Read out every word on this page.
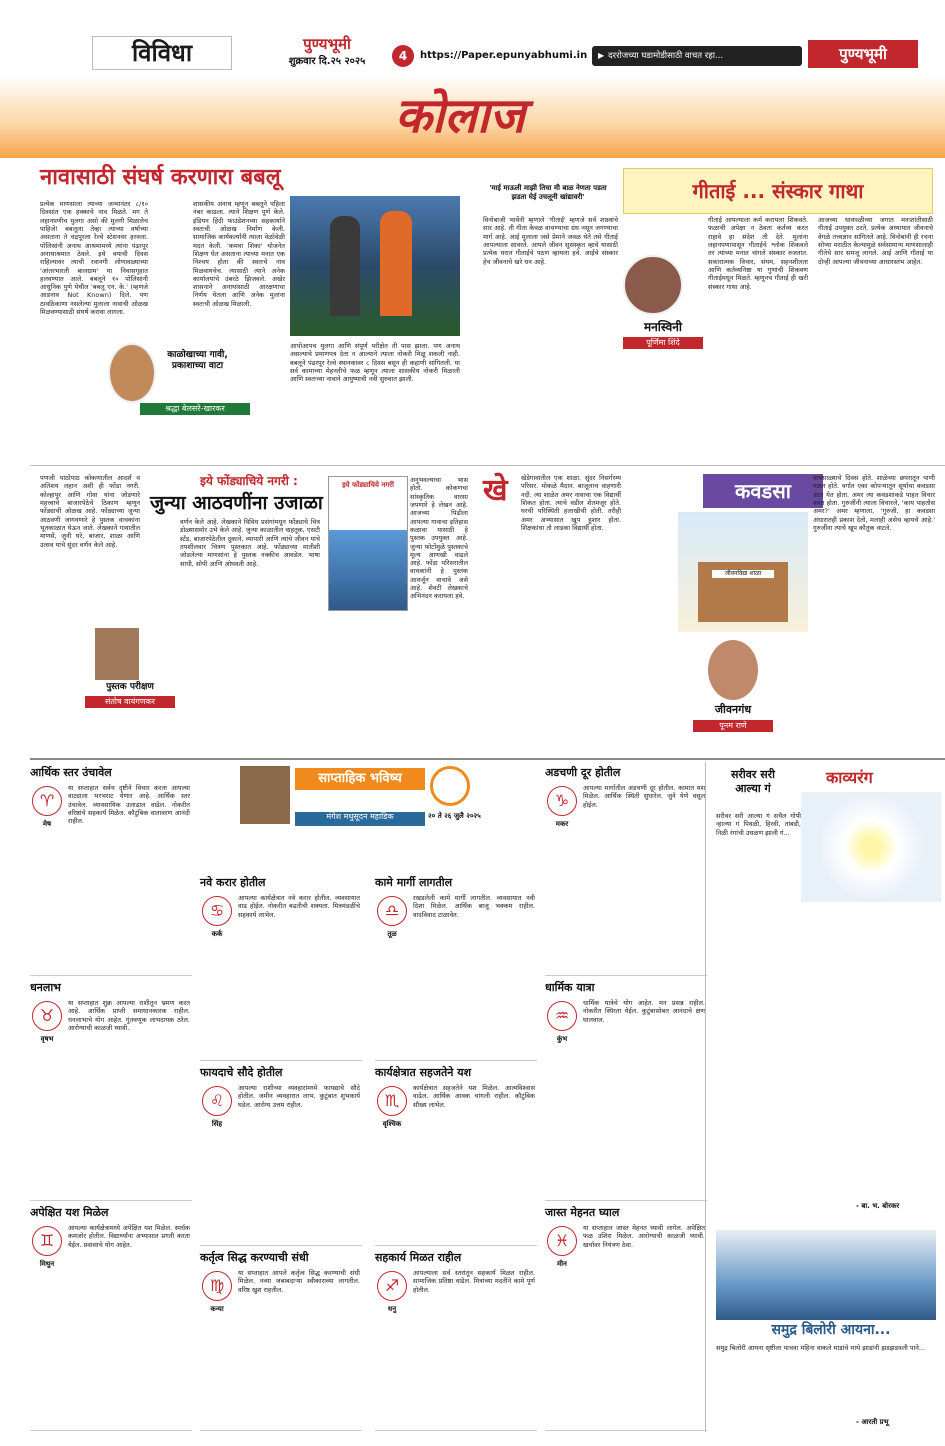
विविधा	पुण्यभूमी
शुक्रवार दि.२५ २०२५	4	https://Paper.epunyabhumi.in ▶ दररोजच्या घडामोडीसाठी वाचत रहा...	पुण्यभूमी
कोलाज
नावासाठी संघर्ष करणारा बबलू
प्रत्येक माणसाला त्याच्या जन्मानंतर ८/१० दिवसांत एक हक्काचे नाव मिळते. मग ते लहानपणीच मुलगा असो की मुलगी मिळालेच पाहिजे! बबलूला तेव्हा त्याच्या वर्षाच्या असताना ते चंद्रपूरला रेल्वे स्टेशनवर हरवला. पोलिसांनी अनाथ आश्रमामध्ये त्यांना पंढरपूर अनाथाश्रमात ठेवले. इथे वयाची दिवस राहिल्यावर त्याची रवानगी लोणावळ्याच्या 'आंतरभारती बालग्राम' या निवासगृहात हलवण्यात आले. बबलूने १० पोलिसांनी आधुनिक पुणे येथील 'बबलू एन. के.' (म्हणजे आडनाव Not Known) दिले. पण ठावठिकाणा नसलेल्या मुलाला नावाची ओळख मिळवण्यासाठी संघर्ष करावा लागला.
काळोखाच्या गावी, प्रकाशाच्या वाटा
श्रद्धा बेलसरे-खारकर
शासकीय अनाथ म्हणून बबलूने पहिला नंबर काढला. त्याने शिक्षण पूर्ण केले. इंडियन हिंदी फाउंडेशनच्या सहकार्याने स्वतःची ओळख निर्माण केली. सामाजिक कार्यकर्त्यांनी त्याला वेळोवेळी मदत केली. 'कमवा शिका' योजनेत शिक्षण घेत असताना त्याच्या मनात एक निश्चय होता की स्वतःचे नाव मिळवायचेच. त्यासाठी त्याने अनेक कार्यालयांचे उंबरठे झिजवले. अखेर शासनाने अनाथांसाठी आरक्षणाचा निर्णय घेतला आणि अनेक मुलांना स्वतःची ओळख मिळाली.
आपोआपच मुलगा आणि संपूर्ण परीक्षेत ती पास झाला. पण अनाथ असल्याचे प्रमाणपत्र देता न आल्याने त्याला नोकरी मिळू शकली नाही. बबलूने पंढरपूर रेल्वे स्थानकावर ८ दिवस बसून ही कहाणी सांगितली. या सर्व कामाच्या मेहनतीचे फळ म्हणून त्याला शासकीय नोकरी मिळाली आणि स्वतःच्या नावाने आयुष्याची नवी सुरुवात झाली.
'माई माऊली माझी तिचा मी बाळ नेणता पडता झडता घेई उचलूनी खांद्यावरी'	गीताई ... संस्कार गाथा
विनोबाजी भावेंनी म्हणाले 'गीताई' म्हणजे सर्व शास्त्रांचे सार आहे. ती गीता केवळ वाचण्याचा ग्रंथ नसून जगण्याचा मार्ग आहे. आई मुलाला जसे प्रेमाने जवळ घेते तसे गीताई आपल्याला सावरते. आपले जीवन सुसंस्कृत व्हावे यासाठी प्रत्येक घरात गीताईचे पठण व्हायला हवे. आईचे संस्कार हेच जीवनाचे खरे धन आहे.
मनस्विनी
पूर्णिमा शिंदे
गीताई आपल्याला कर्म करायला शिकवते. फळाची अपेक्षा न ठेवता कर्तव्य करत राहावे हा संदेश ती देते. मुलांना लहानपणापासून गीताईचे श्लोक शिकवले तर त्यांच्या मनात चांगले संस्कार रुजतात. सकारात्मक विचार, संयम, सहनशीलता आणि कर्तव्यनिष्ठा या गुणांची शिकवण गीताईमधून मिळते. म्हणूनच गीताई ही खरी संस्कार गाथा आहे.
आजच्या धावपळीच्या जगात मनःशांतीसाठी गीताई उपयुक्त ठरते. प्रत्येक अध्यायात जीवनाचे वेगळे तत्त्वज्ञान सांगितले आहे. विनोबांनी ही रचना सोप्या मराठीत केल्यामुळे सर्वसामान्य माणसालाही गीतेचे सार समजू लागले. आई आणि गीताई या दोन्ही आपल्या जीवनाच्या आधारस्तंभ आहेत.
इये फोंड्याचिये नगरी :
जुन्या आठवणींना उजाळा
पणजी पाठोपाठ कोकणातील आदर्श व अतिशय लहान अशी ही फोंडा नगरी. कोल्हापूर आणि गोवा यांना जोडणारे महत्त्वाचे बाजारपेठेचे ठिकाण म्हणून फोंड्याची ओळख आहे. फोंड्याच्या जुन्या आठवणी जागवणारे हे पुस्तक वाचकांना भूतकाळात घेऊन जाते. लेखकाने गावातील माणसे, जुनी घरे, बाजार, शाळा आणि उत्सव यांचे सुंदर वर्णन केले आहे.
पुस्तक परीक्षण
संतोष वायंगणकर
वर्णन केले आहे. लेखकाने विविध प्रसंगांमधून फोंड्याचे चित्र डोळ्यासमोर उभे केले आहे. जुन्या काळातील वाहतूक, एसटी स्टँड, बाजारपेठेतील दुकाने, व्यापारी आणि त्यांचे जीवन यांचे तपशीलवार चित्रण पुस्तकात आहे. फोंड्याच्या मातीशी जोडलेल्या माणसांना हे पुस्तक नक्कीच आवडेल. भाषा साधी, सोपी आणि ओघवती आहे.
इये फोंड्याचिये नगरी
अनुभवल्याचा भास होतो. कोकणचा सांस्कृतिक वारसा जपणारे हे लेखन आहे. आजच्या पिढीला आपल्या गावाचा इतिहास कळावा यासाठी हे पुस्तक उपयुक्त आहे. जुन्या फोटोंमुळे पुस्तकाचे मूल्य आणखी वाढले आहे. फोंडा परिसरातील वाचकांनी हे पुस्तक आवर्जून वाचावे असे आहे. शेवटी लेखकाचे अभिनंदन करायला हवे.
खे खेडेगावातील एक शाळा. सुंदर निसर्गरम्य परिसर. मोकळे मैदान. बाजूलाच वाहणारी नदी. त्या शाळेत अमर नावाचा एक विद्यार्थी शिकत होता. त्याचे वडील शेतमजूर होते. घरची परिस्थिती हलाखीची होती. तरीही अमर अभ्यासात खूप हुशार होता. शिक्षकांचा तो लाडका विद्यार्थी होता.
कवडसा
जीवनविद्या शाळा
जीवनगंध
पूनम राणे
पावसाळ्याचे दिवस होते. शाळेच्या छपरातून पाणी गळत होते. वर्गात एका कोपऱ्यातून सूर्याचा कवडसा आत येत होता. अमर त्या कवडशाकडे पाहत विचार करत होता. गुरुजींनी त्याला विचारले, 'काय पाहतोस अमर?' अमर म्हणाला, 'गुरुजी, हा कवडसा अंधारातही प्रकाश देतो, मलाही असेच व्हायचे आहे.' गुरुजींना त्याचे खूप कौतुक वाटले.
साप्ताहिक भविष्य
मंगेश मधुसूदन महाडिक	२० ते २६ जुलै २०२५
आर्थिक स्तर उंचावेल
♈
मेष
या सप्ताहात सर्वच दृष्टीने विचार करता आपल्या वाट्याला भरभराट येणार आहे. आर्थिक स्तर उंचावेल. व्यावसायिक उलाढाल वाढेल. नोकरीत वरिष्ठांचे सहकार्य मिळेल. कौटुंबिक वातावरण आनंदी राहील.
धनलाभ
♉
वृषभ
या सप्ताहात शुक्र आपल्या राशीतून भ्रमण करत आहे. आर्थिक प्राप्ती समाधानकारक राहील. धनलाभाचे योग आहेत. गुंतवणूक लाभदायक ठरेल. आरोग्याची काळजी घ्यावी.
अपेक्षित यश मिळेल
♊
मिथुन
आपल्या कार्यक्षेत्रामध्ये अपेक्षित यश मिळेल. स्पर्धक कमजोर होतील. विद्यार्थ्यांना अभ्यासात प्रगती करता येईल. प्रवासाचे योग आहेत.
नवे करार होतील
♋
कर्क
आपल्या कार्यक्षेत्रात नवे करार होतील. व्यवसायात वाढ होईल. नोकरीत बढतीची शक्यता. मित्रमंडळींचे सहकार्य लाभेल.
फायदाचे सौदे होतील
♌
सिंह
आपल्या राशीच्या व्यवहारांमध्ये फायद्याचे सौदे होतील. जमीन व्यवहारात लाभ. कुटुंबात शुभकार्य घडेल. आरोग्य उत्तम राहील.
कर्तृत्व सिद्ध करण्याची संधी
♍
कन्या
या सप्ताहात आपले कर्तृत्व सिद्ध करण्याची संधी मिळेल. नव्या जबाबदाऱ्या स्वीकाराव्या लागतील. वरिष्ठ खुश राहतील.
कामे मार्गी लागतील
♎
तूळ
रखडलेली कामे मार्गी लागतील. व्यवसायात नवी दिशा मिळेल. आर्थिक बाजू भक्कम राहील. वादविवाद टाळावेत.
कार्यक्षेत्रात सहजतेने यश
♏
वृश्चिक
कार्यक्षेत्रात सहजतेने यश मिळेल. आत्मविश्वास वाढेल. आर्थिक आवक चांगली राहील. कौटुंबिक सौख्य लाभेल.
सहकार्य मिळत राहील
♐
धनु
आपल्याला सर्व स्तरांतून सहकार्य मिळत राहील. सामाजिक प्रतिष्ठा वाढेल. मित्रांच्या मदतीने कामे पूर्ण होतील.
अडचणी दूर होतील
♑
मकर
आपल्या मार्गातील अडचणी दूर होतील. कामात यश मिळेल. आर्थिक स्थिती सुधारेल. जुने येणे वसूल होईल.
धार्मिक यात्रा
♒
कुंभ
धार्मिक यात्रेचे योग आहेत. मन प्रसन्न राहील. नोकरीत स्थिरता येईल. कुटुंबासोबत आनंदाचे क्षण घालवाल.
जास्त मेहनत घ्याल
♓
मीन
या सप्ताहात जास्त मेहनत घ्यावी लागेल. अपेक्षित फळ उशिरा मिळेल. आरोग्याची काळजी घ्यावी. खर्चावर नियंत्रण ठेवा.
सरीवर सरी आल्या गं
काव्यरंग
सरीवर सरी आल्या गं सचैल गोपी न्हाल्या गं पिवळी, हिरवी, तांबडी, निळी रंगांची उधळण झाली गं...
- बा. भ. बोरकर
समुद्र बिलोरी आयना...
समुद्र बिलोरी आयना सृष्टीला पाचवा महिना वाकले माडांचे माथे झाडांनी झडझडवली पाने...
- आरती प्रभू
